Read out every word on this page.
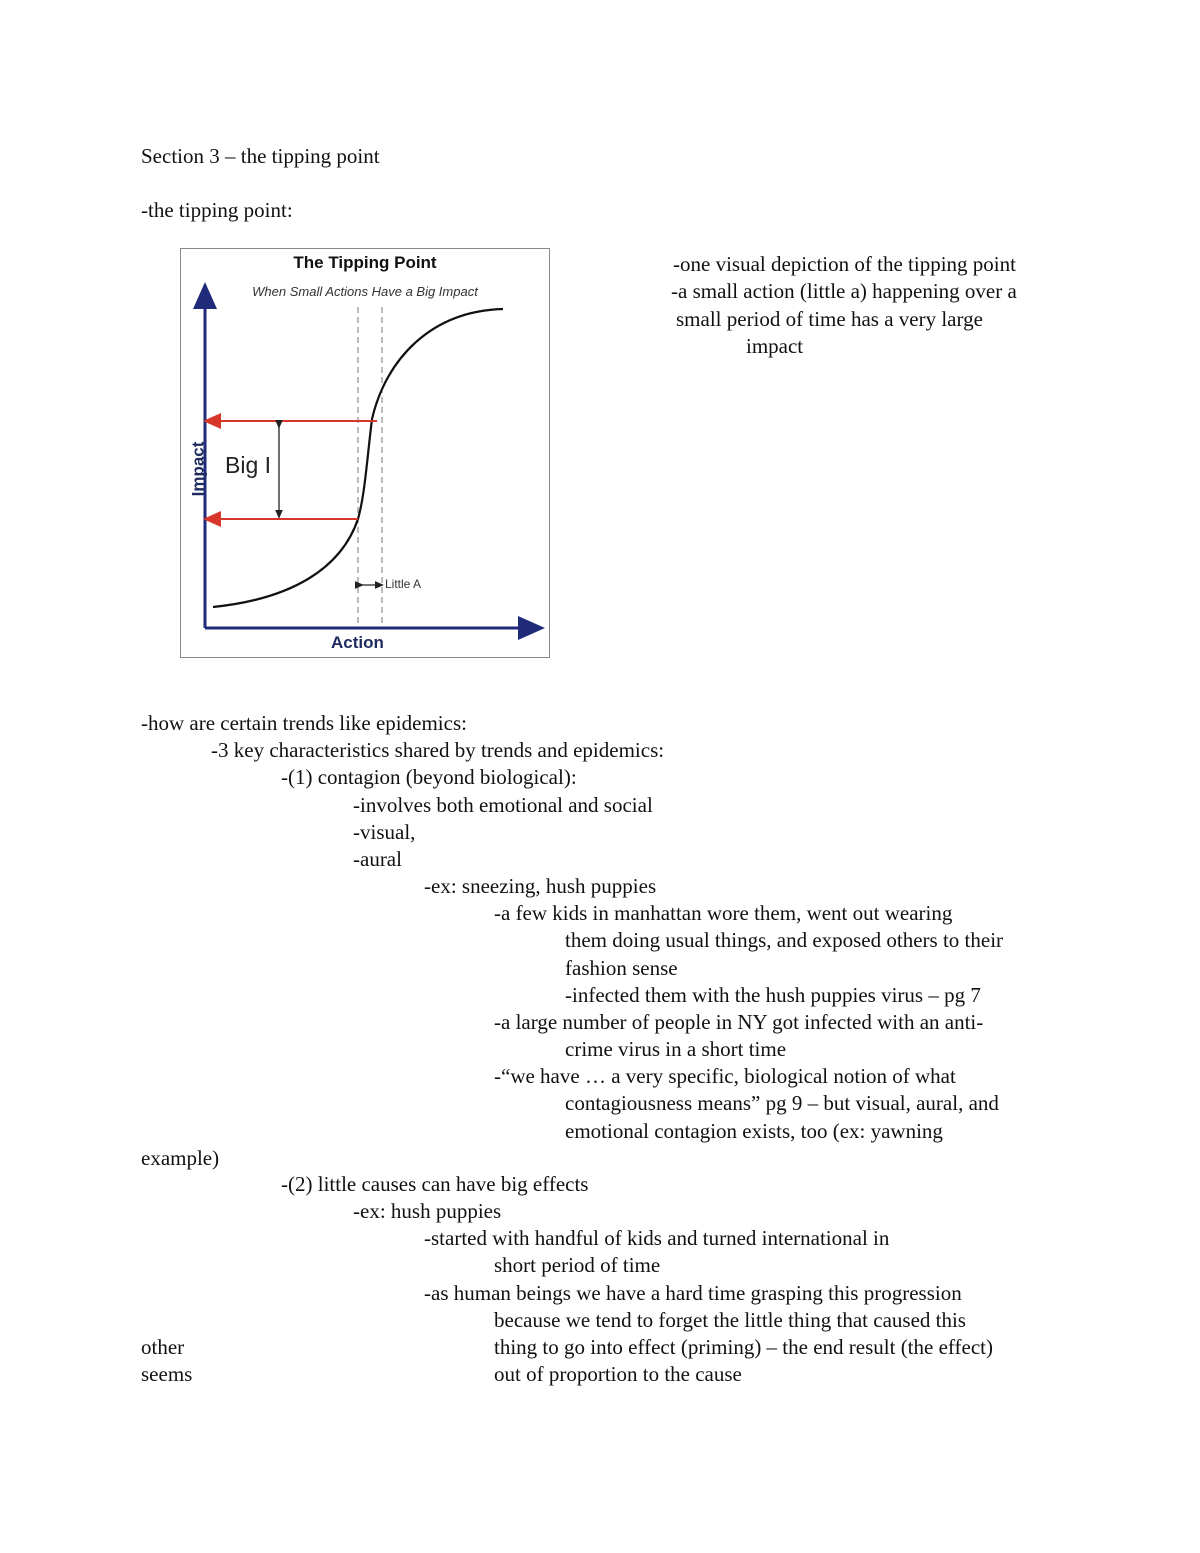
Section 3 – the tipping point
-the tipping point:
The Tipping Point
When Small Actions Have a Big Impact
Impact
Action
Big I
Little A
-one visual depiction of the tipping point
-a small action (little a) happening over a
small period of time has a very large
impact
-how are certain trends like epidemics:
-3 key characteristics shared by trends and epidemics:
-(1) contagion (beyond biological):
-involves both emotional and social
-visual,
-aural
-ex: sneezing, hush puppies
-a few kids in manhattan wore them, went out wearing
them doing usual things, and exposed others to their
fashion sense
-infected them with the hush puppies virus – pg 7
-a large number of people in NY got infected with an anti-
crime virus in a short time
-“we have … a very specific, biological notion of what
contagiousness means” pg 9 – but visual, aural, and
emotional contagion exists, too (ex: yawning
example)
-(2) little causes can have big effects
-ex: hush puppies
-started with handful of kids and turned international in
short period of time
-as human beings we have a hard time grasping this progression
because we tend to forget the little thing that caused this
other	thing to go into effect (priming) – the end result (the effect)
seems	out of proportion to the cause
